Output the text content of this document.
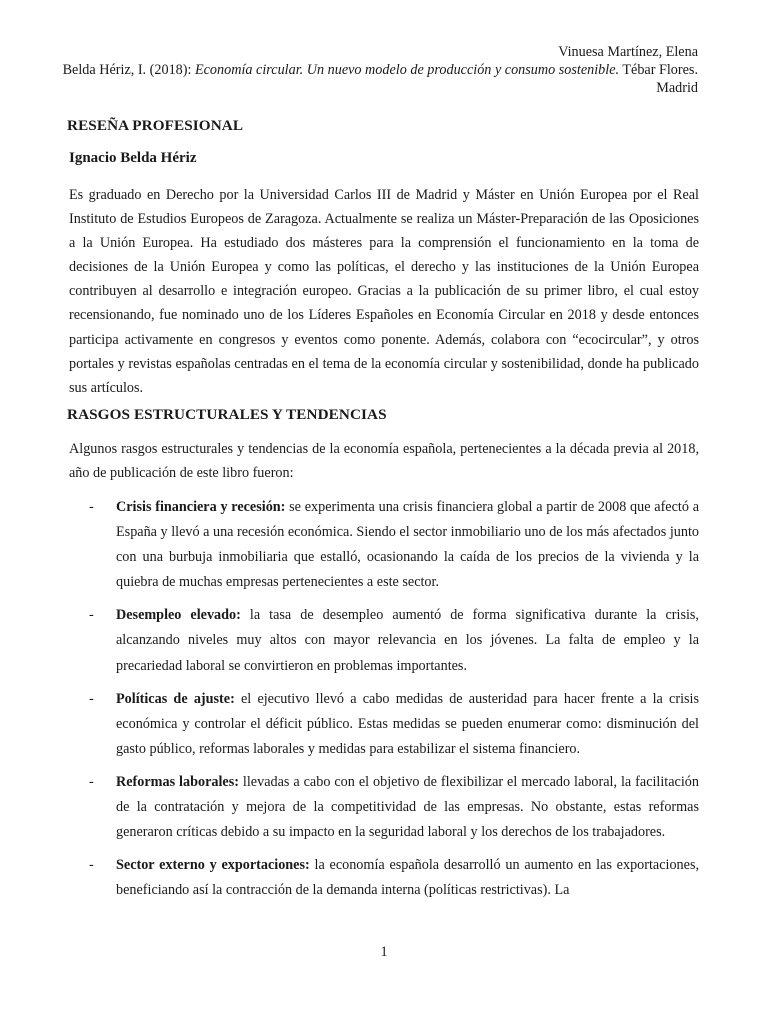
Vinuesa Martínez, Elena
Belda Hériz, I. (2018): Economía circular. Un nuevo modelo de producción y consumo sostenible. Tébar Flores. Madrid
RESEÑA PROFESIONAL

Ignacio Belda Hériz

Es graduado en Derecho por la Universidad Carlos III de Madrid y Máster en Unión Europea por el Real Instituto de Estudios Europeos de Zaragoza. Actualmente se realiza un Máster-Preparación de las Oposiciones a la Unión Europea. Ha estudiado dos másteres para la comprensión el funcionamiento en la toma de decisiones de la Unión Europea y como las políticas, el derecho y las instituciones de la Unión Europea contribuyen al desarrollo e integración europeo. Gracias a la publicación de su primer libro, el cual estoy recensionando, fue nominado uno de los Líderes Españoles en Economía Circular en 2018 y desde entonces participa activamente en congresos y eventos como ponente. Además, colabora con “ecocircular”, y otros portales y revistas españolas centradas en el tema de la economía circular y sostenibilidad, donde ha publicado sus artículos.

RASGOS ESTRUCTURALES Y TENDENCIAS

Algunos rasgos estructurales y tendencias de la economía española, pertenecientes a la década previa al 2018, año de publicación de este libro fueron:

- Crisis financiera y recesión: se experimenta una crisis financiera global a partir de 2008 que afectó a España y llevó a una recesión económica. Siendo el sector inmobiliario uno de los más afectados junto con una burbuja inmobiliaria que estalló, ocasionando la caída de los precios de la vivienda y la quiebra de muchas empresas pertenecientes a este sector.
- Desempleo elevado: la tasa de desempleo aumentó de forma significativa durante la crisis, alcanzando niveles muy altos con mayor relevancia en los jóvenes. La falta de empleo y la precariedad laboral se convirtieron en problemas importantes.
- Políticas de ajuste: el ejecutivo llevó a cabo medidas de austeridad para hacer frente a la crisis económica y controlar el déficit público. Estas medidas se pueden enumerar como: disminución del gasto público, reformas laborales y medidas para estabilizar el sistema financiero.
- Reformas laborales: llevadas a cabo con el objetivo de flexibilizar el mercado laboral, la facilitación de la contratación y mejora de la competitividad de las empresas. No obstante, estas reformas generaron críticas debido a su impacto en la seguridad laboral y los derechos de los trabajadores.
- Sector externo y exportaciones: la economía española desarrolló un aumento en las exportaciones, beneficiando así la contracción de la demanda interna (políticas restrictivas). La
1
